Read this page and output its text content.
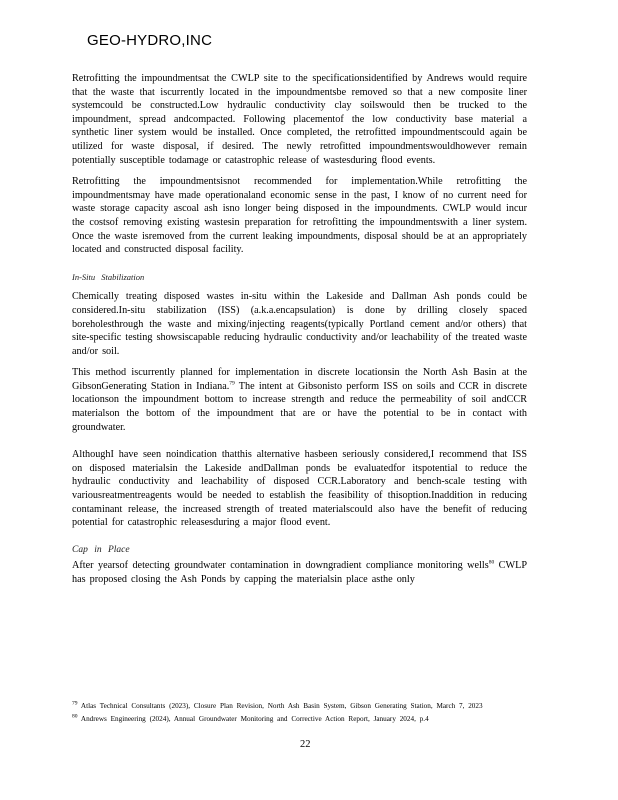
GEO-HYDRO,INC

Retrofitting the impoundmentsat the CWLP site to the specificationsidentified by Andrews would require that the waste that iscurrently located in the impoundmentsbe removed so that a new composite liner systemcould be constructed.Low hydraulic conductivity clay soilswould then be trucked to the impoundment, spread andcompacted. Following placementof the low conductivity base material a synthetic liner system would be installed. Once completed, the retrofitted impoundmentscould again be utilized for waste disposal, if desired. The newly retrofitted impoundmentswouldhowever remain potentially susceptible todamage or catastrophic release of wastesduring flood events.

Retrofitting the impoundmentsisnot recommended for implementation.While retrofitting the impoundmentsmay have made operationaland economic sense in the past, I know of no current need for waste storage capacity ascoal ash isno longer being disposed in the impoundments. CWLP would incur the costsof removing existing wastesin preparation for retrofitting the impoundmentswith a liner system. Once the waste isremoved from the current leaking impoundments, disposal should be at an appropriately located and constructed disposal facility.

In-Situ Stabilization

Chemically treating disposed wastes in-situ within the Lakeside and Dallman Ash ponds could be considered.In-situ stabilization (ISS) (a.k.a.encapsulation) is done by drilling closely spaced boreholesthrough the waste and mixing/injecting reagents(typically Portland cement and/or others) that site-specific testing showsiscapable reducing hydraulic conductivity and/or leachability of the treated waste and/or soil.

This method iscurrently planned for implementation in discrete locationsin the North Ash Basin at the GibsonGenerating Station in Indiana.$^{79}$ The intent at Gibsonisto perform ISS on soils and CCR in discrete locationson the impoundment bottom to increase strength and reduce the permeability of soil andCCR materialson the bottom of the impoundment that are or have the potential to be in contact with groundwater.

AlthoughI have seen noindication thatthis alternative hasbeen seriously considered,I recommend that ISS on disposed materialsin the Lakeside andDallman ponds be evaluatedfor itspotential to reduce the hydraulic conductivity and leachability of disposed CCR.Laboratory and bench-scale testing with variousreatmentreagents would be needed to establish the feasibility of thisoption.Inaddition in reducing contaminant release, the increased strength of treated materialscould also have the benefit of reducing potential for catastrophic releasesduring a major flood event.

Cap in Place

After yearsof detecting groundwater contamination in downgradient compliance monitoring wells$^{80}$ CWLP has proposed closing the Ash Ponds by capping the materialsin place asthe only

$^{79}$ Atlas Technical Consultants (2023), Closure Plan Revision, North Ash Basin System, Gibson Generating Station, March 7, 2023

$^{80}$ Andrews Engineering (2024), Annual Groundwater Monitoring and Corrective Action Report, January 2024, p.4

22
